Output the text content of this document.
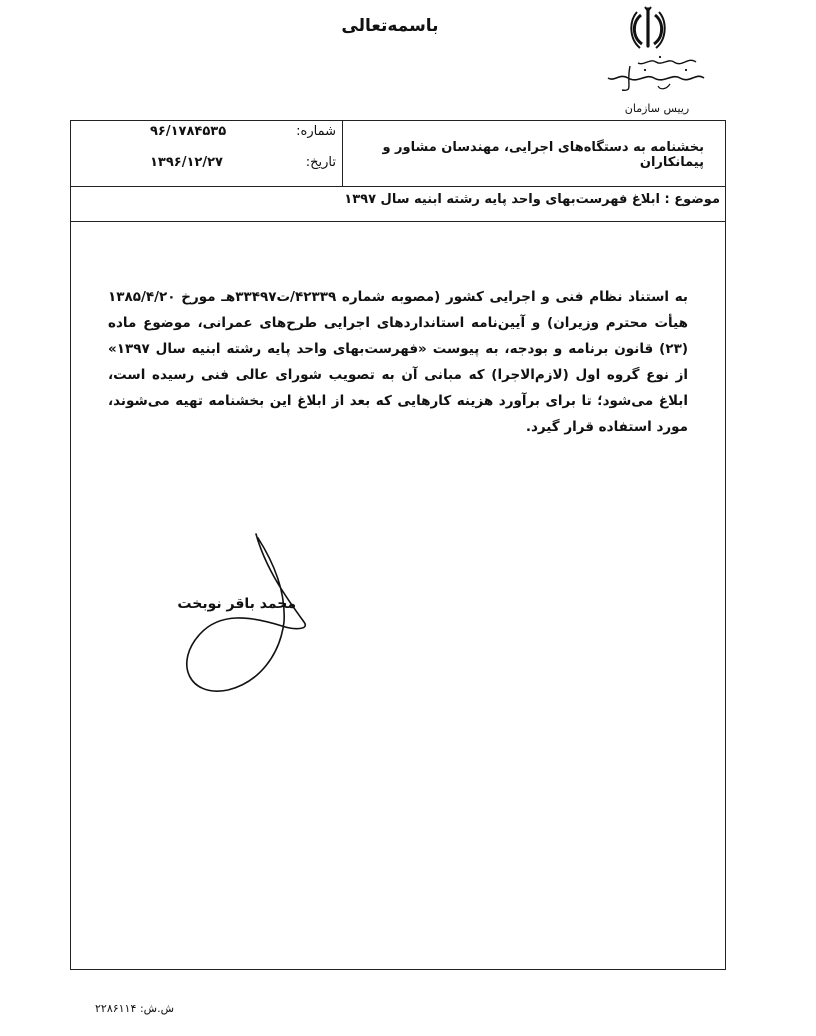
باسمه‌تعالی
رییس سازمان
بخشنامه به دستگاه‌های اجرایی، مهندسان مشاور و پیمانکاران
شماره:
۹۶/۱۷۸۴۵۳۵
تاریخ:
۱۳۹۶/۱۲/۲۷
موضوع : ابلاغ فهرست‌بهای واحد پایه رشته ابنیه سال ۱۳۹۷
به استناد نظام فنی و اجرایی کشور (مصوبه شماره ۴۲۳۳۹/ت۳۳۴۹۷هـ مورخ ۱۳۸۵/۴/۲۰ هیأت محترم وزیران) و آیین‌نامه استانداردهای اجرایی طرح‌های عمرانی، موضوع ماده (۲۳) قانون برنامه و بودجه، به پیوست «فهرست‌بهای واحد پایه رشته ابنیه سال ۱۳۹۷» از نوع گروه اول (لازم‌الاجرا) که مبانی آن به تصویب شورای عالی فنی رسیده است، ابلاغ می‌شود؛ تا برای برآورد هزینه کارهایی که بعد از ابلاغ این بخشنامه تهیه می‌شوند، مورد استفاده قرار گیرد.
محمد باقر نوبخت
ش.ش:
۲۲۸۶۱۱۴
